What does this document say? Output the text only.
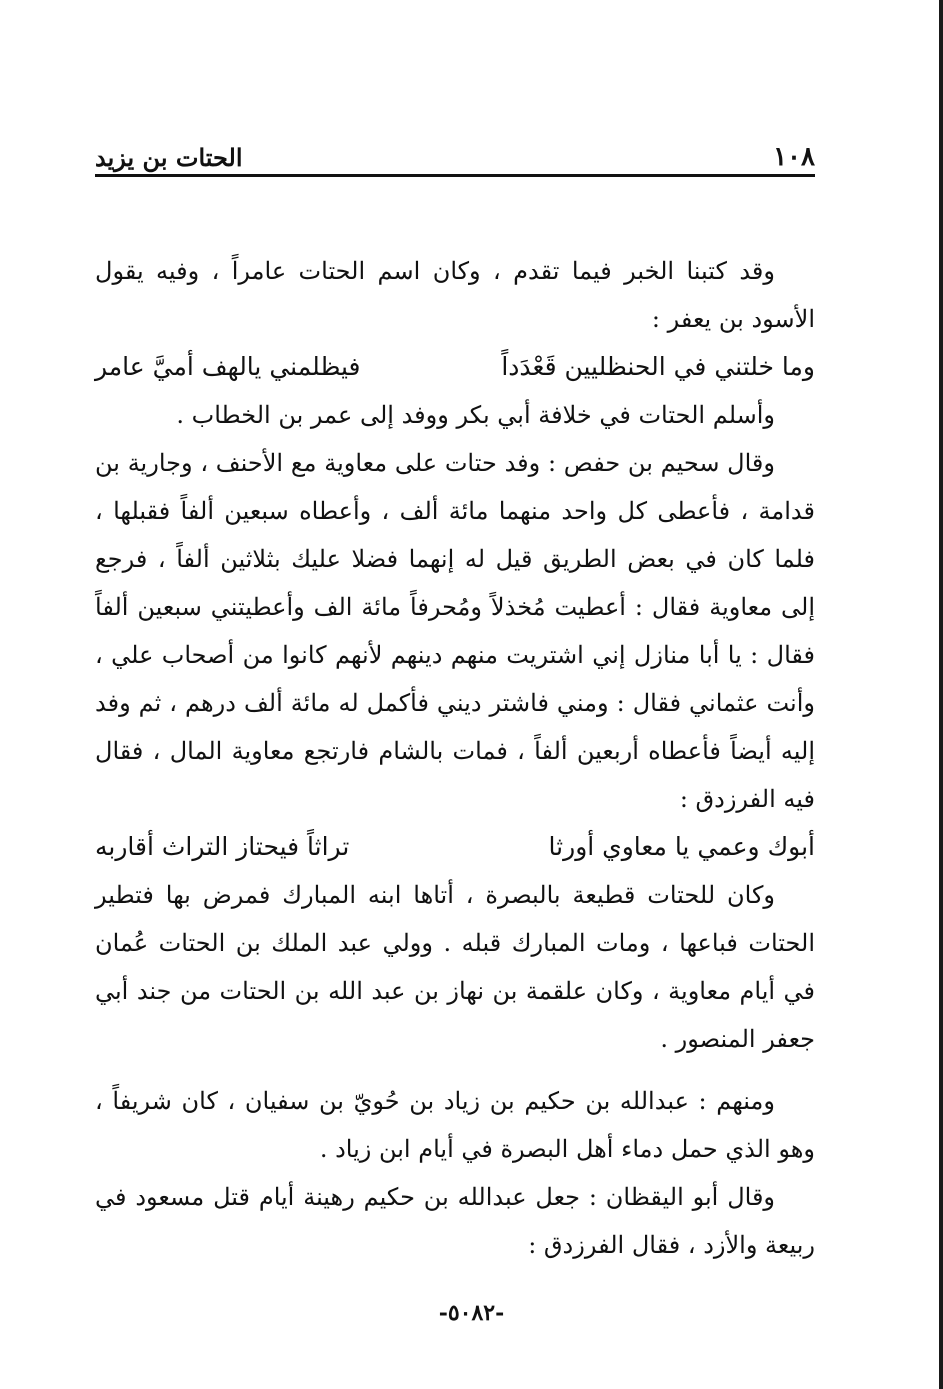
١٠٨
الحتات بن يزيد

وقد كتبنا الخبر فيما تقدم ، وكان اسم الحتات عامراً ، وفيه يقول الأسود بن يعفر :

وما خلتني في الحنظليين قَعْدَداً
فيظلمني يالهف أميَّ عامر

وأسلم الحتات في خلافة أبي بكر ووفد إلى عمر بن الخطاب .

وقال سحيم بن حفص : وفد حتات على معاوية مع الأحنف ، وجارية بن قدامة ، فأعطى كل واحد منهما مائة ألف ، وأعطاه سبعين ألفاً فقبلها ، فلما كان في بعض الطريق قيل له إنهما فضلا عليك بثلاثين ألفاً ، فرجع إلى معاوية فقال : أعطيت مُخذلاً ومُحرفاً مائة الف وأعطيتني سبعين ألفاً فقال : يا أبا منازل إني اشتريت منهم دينهم لأنهم كانوا من أصحاب علي ، وأنت عثماني فقال : ومني فاشتر ديني فأكمل له مائة ألف درهم ، ثم وفد إليه أيضاً فأعطاه أربعين ألفاً ، فمات بالشام فارتجع معاوية المال ، فقال فيه الفرزدق :

أبوك وعمي يا معاوي أورثا
تراثاً فيحتاز التراث أقاربه

وكان للحتات قطيعة بالبصرة ، أتاها ابنه المبارك فمرض بها فتطير الحتات فباعها ، ومات المبارك قبله . وولي عبد الملك بن الحتات عُمان في أيام معاوية ، وكان علقمة بن نهاز بن عبد الله بن الحتات من جند أبي جعفر المنصور .

ومنهم : عبدالله بن حكيم بن زياد بن حُويّ بن سفيان ، كان شريفاً ، وهو الذي حمل دماء أهل البصرة في أيام ابن زياد .

وقال أبو اليقظان : جعل عبدالله بن حكيم رهينة أيام قتل مسعود في ربيعة والأزد ، فقال الفرزدق :

-٥٠٨٢-
